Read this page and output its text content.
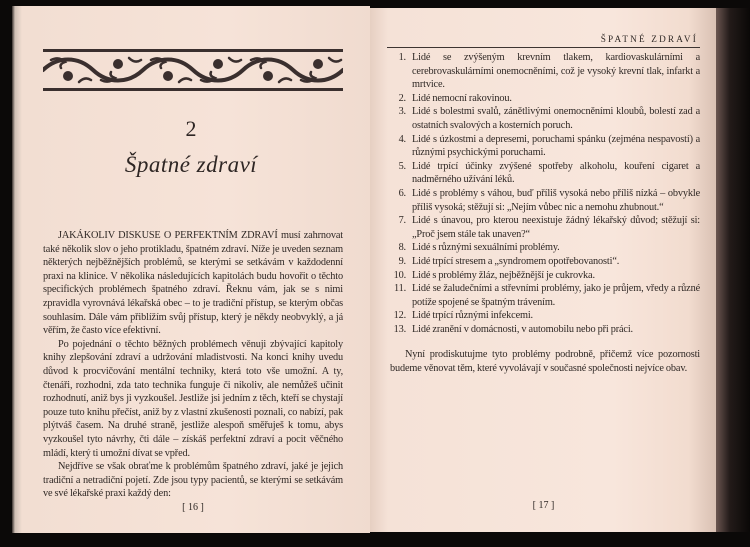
2
Špatné zdraví

JAKÁKOLIV DISKUSE O PERFEKTNÍM ZDRAVÍ musí zahrnovat také několik slov o jeho protikladu, špatném zdraví. Níže je uveden seznam některých nejběžnějších problémů, se kterými se setkávám v každodenní praxi na klinice. V několika následujících kapitolách budu hovořit o těchto specifických problémech špatného zdraví. Řeknu vám, jak se s nimi zpravidla vyrovnává lékařská obec – to je tradiční přístup, se kterým občas souhlasím. Dále vám přiblížím svůj přístup, který je někdy neobvyklý, a já věřím, že často více efektivní.

Po pojednání o těchto běžných problémech věnuji zbývající kapitoly knihy zlepšování zdraví a udržování mladistvosti. Na konci knihy uvedu důvod k procvičování mentální techniky, která toto vše umožní. A ty, čtenáři, rozhodni, zda tato technika funguje či nikoliv, ale nemůžeš učinit rozhodnutí, aniž bys ji vyzkoušel. Jestliže jsi jedním z těch, kteří se chystají pouze tuto knihu přečíst, aniž by z vlastní zkušenosti poznali, co nabízí, pak plýtváš časem. Na druhé straně, jestliže alespoň směřuješ k tomu, abys vyzkoušel tyto návrhy, čti dále – získáš perfektní zdraví a pocit věčného mládí, který ti umožní dívat se vpřed.

Nejdříve se však obraťme k problémům špatného zdraví, jaké je jejich tradiční a netradiční pojetí. Zde jsou typy pacientů, se kterými se setkávám ve své lékařské praxi každý den:

[ 16 ]
ŠPATNÉ ZDRAVÍ
1. Lidé se zvýšeným krevním tlakem, kardiovaskulárními a cerebrovaskulárními onemocněními, což je vysoký krevní tlak, infarkt a mrtvice.
2. Lidé nemocní rakovinou.
3. Lidé s bolestmi svalů, zánětlivými onemocněními kloubů, bolestí zad a ostatních svalových a kosterních poruch.
4. Lidé s úzkostmi a depresemi, poruchami spánku (zejména nespavostí) a různými psychickými poruchami.
5. Lidé trpící účinky zvýšené spotřeby alkoholu, kouření cigaret a nadměrného užívání léků.
6. Lidé s problémy s váhou, buď příliš vysoká nebo příliš nízká – obvykle příliš vysoká; stěžují si: „Nejím vůbec nic a nemohu zhubnout.“
7. Lidé s únavou, pro kterou neexistuje žádný lékařský důvod; stěžují si: „Proč jsem stále tak unaven?“
8. Lidé s různými sexuálními problémy.
9. Lidé trpící stresem a „syndromem opotřebovanosti“.
10. Lidé s problémy žláz, nejběžnější je cukrovka.
11. Lidé se žaludečními a střevními problémy, jako je průjem, vředy a různé potíže spojené se špatným trávením.
12. Lidé trpící různými infekcemi.
13. Lidé zranění v domácnosti, v automobilu nebo při práci.

Nyní prodiskutujme tyto problémy podrobně, přičemž více pozornosti budeme věnovat těm, které vyvolávají v současné společnosti nejvíce obav.

[ 17 ]
